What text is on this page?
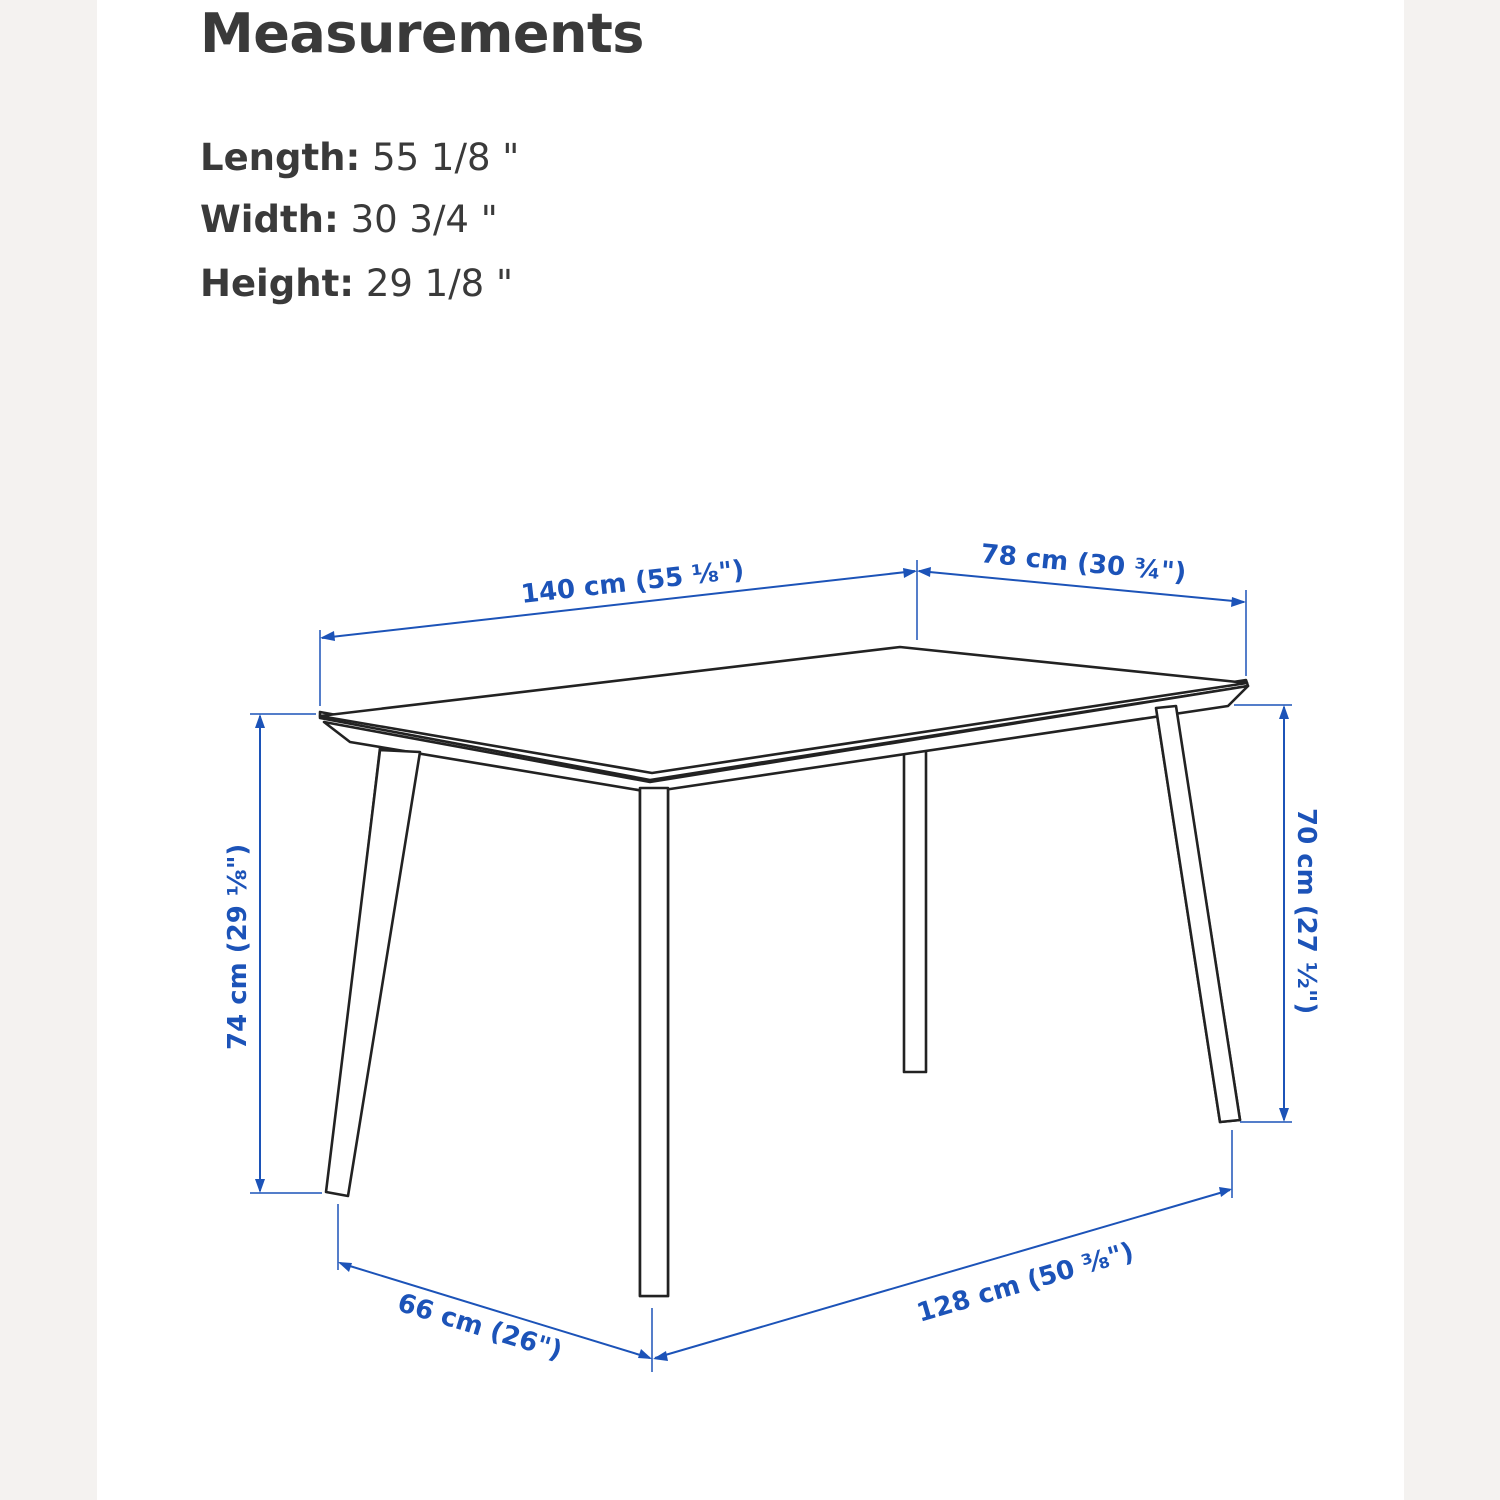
Measurements
Length: 55 1/8 "
Width: 30 3/4 "
Height: 29 1/8 "
140 cm (55 ⅛")	78 cm (30 ¾")
74 cm (29 ⅛")	70 cm (27 ½")
66 cm (26")	128 cm (50 ⅜")
